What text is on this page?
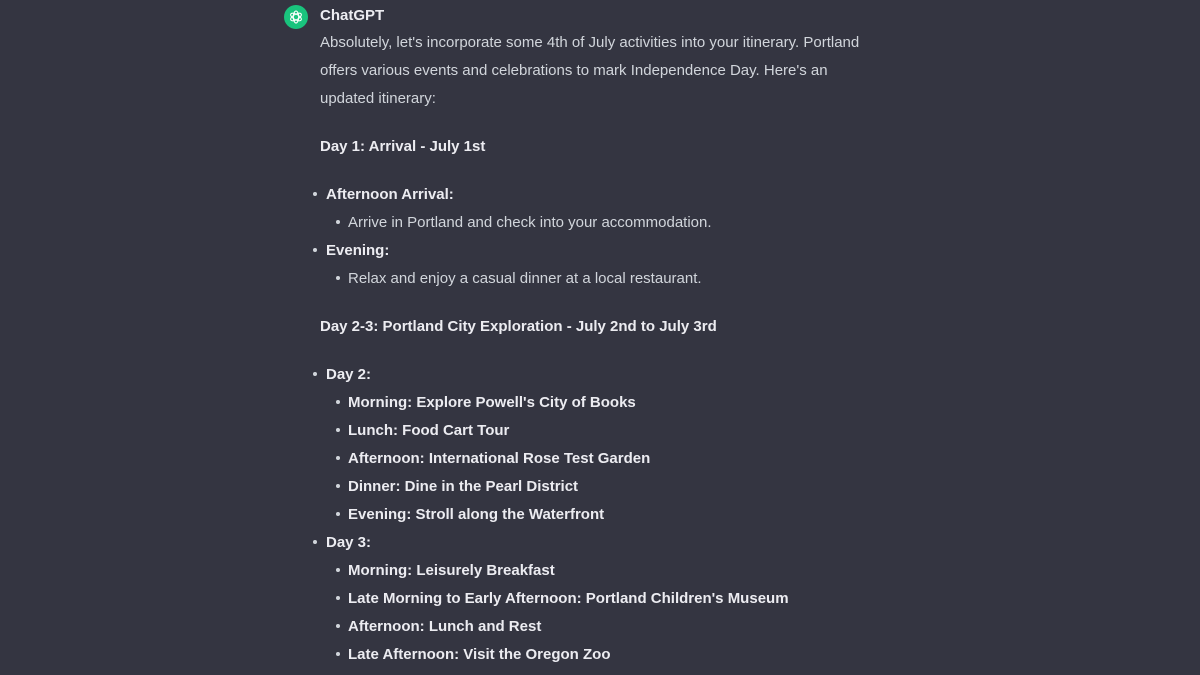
ChatGPT

Absolutely, let's incorporate some 4th of July activities into your itinerary. Portland offers various events and celebrations to mark Independence Day. Here's an updated itinerary:

Day 1: Arrival - July 1st

Afternoon Arrival:
Arrive in Portland and check into your accommodation.
Evening:
Relax and enjoy a casual dinner at a local restaurant.

Day 2-3: Portland City Exploration - July 2nd to July 3rd

Day 2:
Morning: Explore Powell's City of Books
Lunch: Food Cart Tour
Afternoon: International Rose Test Garden
Dinner: Dine in the Pearl District
Evening: Stroll along the Waterfront
Day 3:
Morning: Leisurely Breakfast
Late Morning to Early Afternoon: Portland Children's Museum
Afternoon: Lunch and Rest
Late Afternoon: Visit the Oregon Zoo
